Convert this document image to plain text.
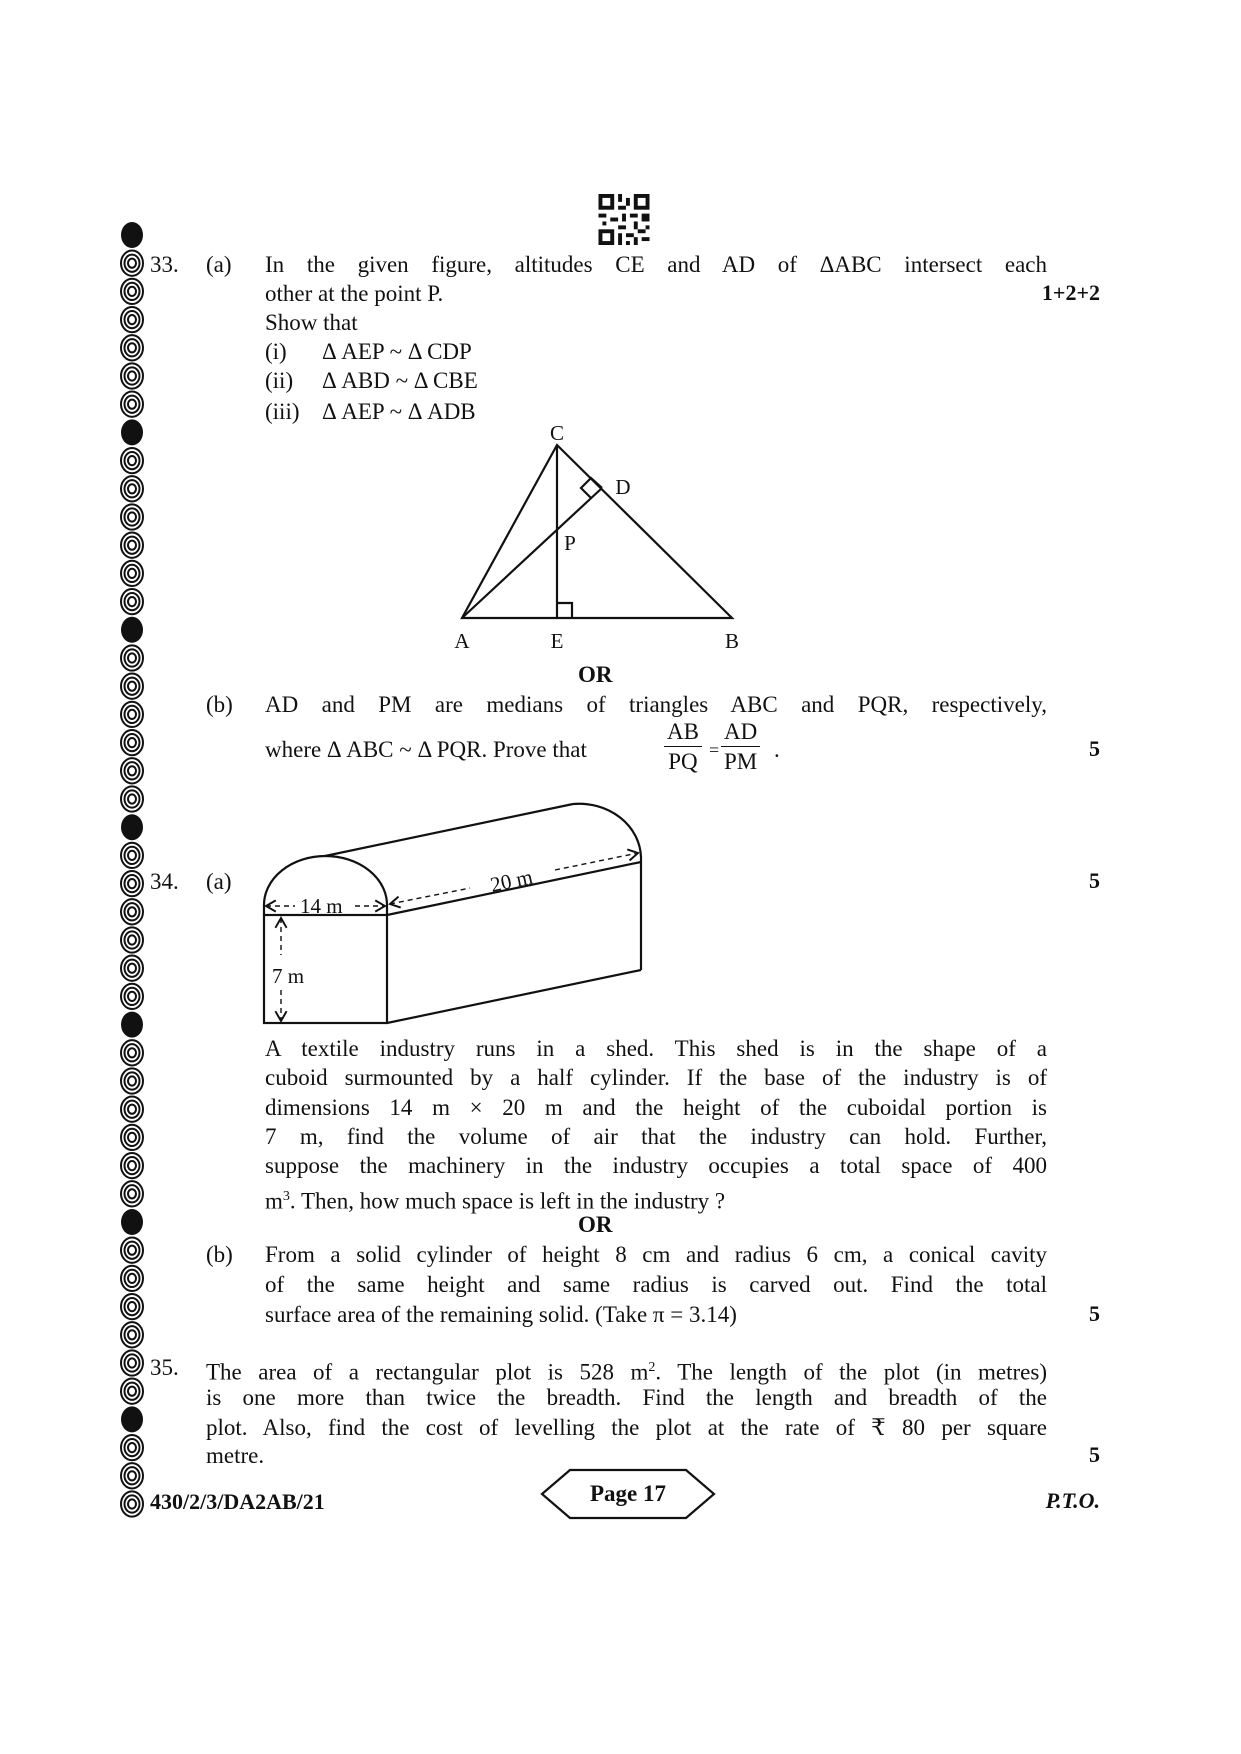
33. (a) In the given figure, altitudes CE and AD of ΔABC intersect each
other at the point P.	1+2+2
Show that
(i) Δ AEP ~ Δ CDP
(ii) Δ ABD ~ Δ CBE
(iii) Δ AEP ~ Δ ADB
C
D
P
A	E	B
OR
(b) AD and PM are medians of triangles ABC and PQR, respectively,
where Δ ABC ~ Δ PQR. Prove that	$\frac{AB}{PQ} = \frac{AD}{PM}$ .	5
34. (a)	5
14 m
20 m
7 m
A textile industry runs in a shed. This shed is in the shape of a
cuboid surmounted by a half cylinder. If the base of the industry is of
dimensions 14 m × 20 m and the height of the cuboidal portion is
7 m, find the volume of air that the industry can hold. Further,
suppose the machinery in the industry occupies a total space of 400
$m^3$. Then, how much space is left in the industry ?
OR
(b) From a solid cylinder of height 8 cm and radius 6 cm, a conical cavity
of the same height and same radius is carved out. Find the total
surface area of the remaining solid. (Take π = 3.14)	5
35. The area of a rectangular plot is 528 $m^2$. The length of the plot (in metres)
is one more than twice the breadth. Find the length and breadth of the
plot. Also, find the cost of levelling the plot at the rate of ₹ 80 per square
metre.	5
430/2/3/DA2AB/21	Page 17	P.T.O.
